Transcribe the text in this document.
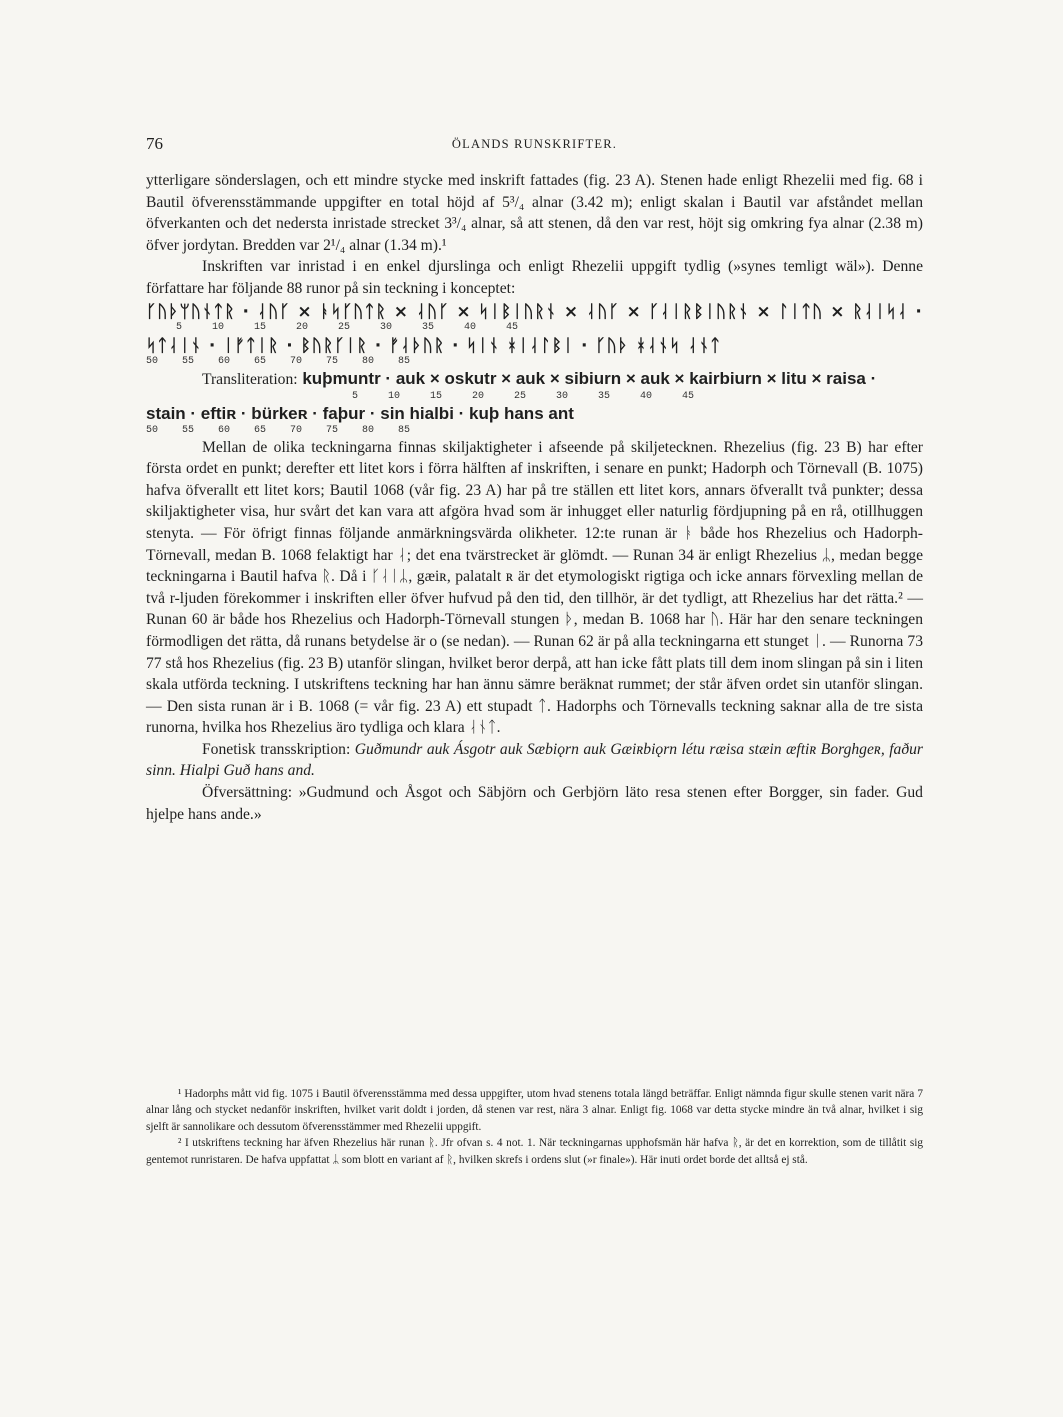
76	ÖLANDS RUNSKRIFTER.

ytterligare sönderslagen, och ett mindre stycke med inskrift fattades (fig. 23 A). Stenen hade enligt Rhezelii med fig. 68 i Bautil öfverensstämmande uppgifter en total höjd af 5³/₄ alnar (3.42 m); enligt skalan i Bautil var afståndet mellan öfverkanten och det nedersta inristade strecket 3³/₄ alnar, så att stenen, då den var rest, höjt sig omkring fya alnar (2.38 m) öfver jordytan. Bredden var 2¹/₄ alnar (1.34 m).¹

Inskriften var inristad i en enkel djurslinga och enligt Rhezelii uppgift tydlig (»synes temligt wäl»). Denne författare har följande 88 runor på sin teckning i konceptet:

ᚴᚢᚦᛘᚢᚾᛏᚱ · ᛆᚢᚴ × ᚭᛋᚴᚢᛏᚱ × ᛆᚢᚴ × ᛋᛁᛒᛁᚢᚱᚾ × ᛆᚢᚴ × ᚴᛆᛁᚱᛒᛁᚢᚱᚾ × ᛚᛁᛏᚢ × ᚱᛆᛁᛋᛆ ·
5     10     15     20     25     30     35     40     45
ᛋᛏᛆᛁᚾ · ᛁᚠᛏᛁᚱ · ᛒᚢᚱᚴᛁᚱ · ᚠᛆᚦᚢᚱ · ᛋᛁᚾ ᚼᛁᛆᛚᛒᛁ · ᚴᚢᚦ ᚼᛆᚾᛋ ᛆᚾᛏ
50    55    60    65    70    75    80    85
Transliteration: kuþmuntr · auk × oskutr × auk × sibiurn × auk × kairbiurn × litu × raisa ·
5     10     15     20     25     30     35     40     45
stain · eftiʀ · bürkeʀ · faþur · sin hialbi · kuþ hans ant
50    55    60    65    70    75    80    85

Mellan de olika teckningarna finnas skiljaktigheter i afseende på skiljetecknen. Rhezelius (fig. 23 B) har efter första ordet en punkt; derefter ett litet kors i förra hälften af inskriften, i senare en punkt; Hadorph och Törnevall (B. 1075) hafva öfverallt ett litet kors; Bautil 1068 (vår fig. 23 A) har på tre ställen ett litet kors, annars öfverallt två punkter; dessa skiljaktigheter visa, hur svårt det kan vara att afgöra hvad som är inhugget eller naturlig fördjupning på en rå, otillhuggen stenyta. — För öfrigt finnas följande anmärkningsvärda olikheter. 12:te runan är ᚭ både hos Rhezelius och Hadorph-Törnevall, medan B. 1068 felaktigt har ᛆ; det ena tvärstrecket är glömdt. — Runan 34 är enligt Rhezelius ᛦ, medan begge teckningarna i Bautil hafva ᚱ. Då i ᚴᛆᛁᛦ, gæiʀ, palatalt ʀ är det etymologiskt rigtiga och icke annars förvexling mellan de två r-ljuden förekommer i inskriften eller öfver hufvud på den tid, den tillhör, är det tydligt, att Rhezelius har det rätta.² — Runan 60 är både hos Rhezelius och Hadorph-Törnevall stungen ᚦ, medan B. 1068 har ᚢ. Här har den senare teckningen förmodligen det rätta, då runans betydelse är o (se nedan). — Runan 62 är på alla teckningarna ett stunget ᛁ. — Runorna 73 77 stå hos Rhezelius (fig. 23 B) utanför slingan, hvilket beror derpå, att han icke fått plats till dem inom slingan på sin i liten skala utförda teckning. I utskriftens teckning har han ännu sämre beräknat rummet; der står äfven ordet sin utanför slingan. — Den sista runan är i B. 1068 (= vår fig. 23 A) ett stupadt ᛏ. Hadorphs och Törnevalls teckning saknar alla de tre sista runorna, hvilka hos Rhezelius äro tydliga och klara ᛆᚾᛏ.

Fonetisk transskription: Guðmundr auk Ásgotr auk Sæbiǫrn auk Gæiʀbiǫrn létu ræisa stæin æftiʀ Borghgeʀ, faður sinn. Hialpi Guð hans and.

Öfversättning: »Gudmund och Åsgot och Säbjörn och Gerbjörn läto resa stenen efter Borgger, sin fader. Gud hjelpe hans ande.»

¹ Hadorphs mått vid fig. 1075 i Bautil öfverensstämma med dessa uppgifter, utom hvad stenens totala längd beträffar. Enligt nämnda figur skulle stenen varit nära 7 alnar lång och stycket nedanför inskriften, hvilket varit doldt i jorden, då stenen var rest, nära 3 alnar. Enligt fig. 1068 var detta stycke mindre än två alnar, hvilket i sig sjelft är sannolikare och dessutom öfverensstämmer med Rhezelii uppgift.

² I utskriftens teckning har äfven Rhezelius här runan ᚱ. Jfr ofvan s. 4 not. 1. När teckningarnas upphofsmän här hafva ᚱ, är det en korrektion, som de tillåtit sig gentemot runristaren. De hafva uppfattat ᛦ som blott en variant af ᚱ, hvilken skrefs i ordens slut (»r finale»). Här inuti ordet borde det alltså ej stå.
